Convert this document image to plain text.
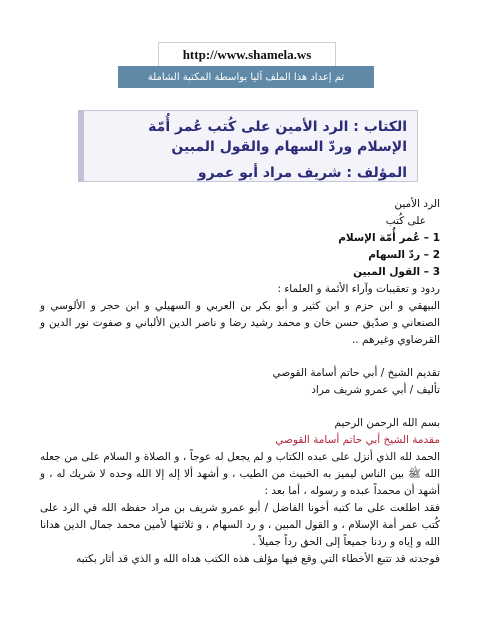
http://www.shamela.ws
تم إعداد هذا الملف آليا بواسطة المكتبة الشاملة
الكتاب : الرد الأمين على كُتب عُمر أُمّة الإسلام وردّ السهام والقول المبين
المؤلف : شريف مراد أبو عمرو

الرد الأمين

على كُتب

1 – عُمر أُمّة الإسلام

2 – ردّ السهام

3 – القول المبين

ردود و تعقيبات وآراء الأئمة و العلماء :

البيهقي و ابن حزم و ابن كثير و أبو بكر بن العربي و السهيلي و ابن حجر و الألوسي و الصنعاني و صدّيق حسن خان و محمد رشيد رضا و ناصر الدين الألباني و صفوت نور الدين و القرضاوي وغيرهم ..

تقديم الشيخ / أبي حاتم أسامة القوصي

تأليف / أبي عمرو شريف مراد

بسم الله الرحمن الرحيم

مقدمة الشيخ أبي حاتم أسامة القوصي

الحمد لله الذي أنزل على عبده الكتاب و لم يجعل له عوجاً ، و الصلاة و السلام على من جعله الله ﷺ بين الناس ليميز به الخبيث من الطيب ، و أشهد ألا إله إلا الله وحده لا شريك له ، و أشهد أن محمداً عبده و رسوله ، أما بعد :

فقد اطلعت على ما كتبه أخونا الفاضل / أبو عمرو شريف بن مراد حفظه الله في الرد على كُتب عمر أمة الإسلام ، و القول المبين ، و رد السهام ، و ثلاثتها لأمين محمد جمال الدين هدانا الله و إياه و ردنا جميعاً إلى الحق رداً جميلاً .

فوجدته قد تتبع الأخطاء التي وقع فيها مؤلف هذه الكتب هداه الله و الذي قد أثار بكتبه
